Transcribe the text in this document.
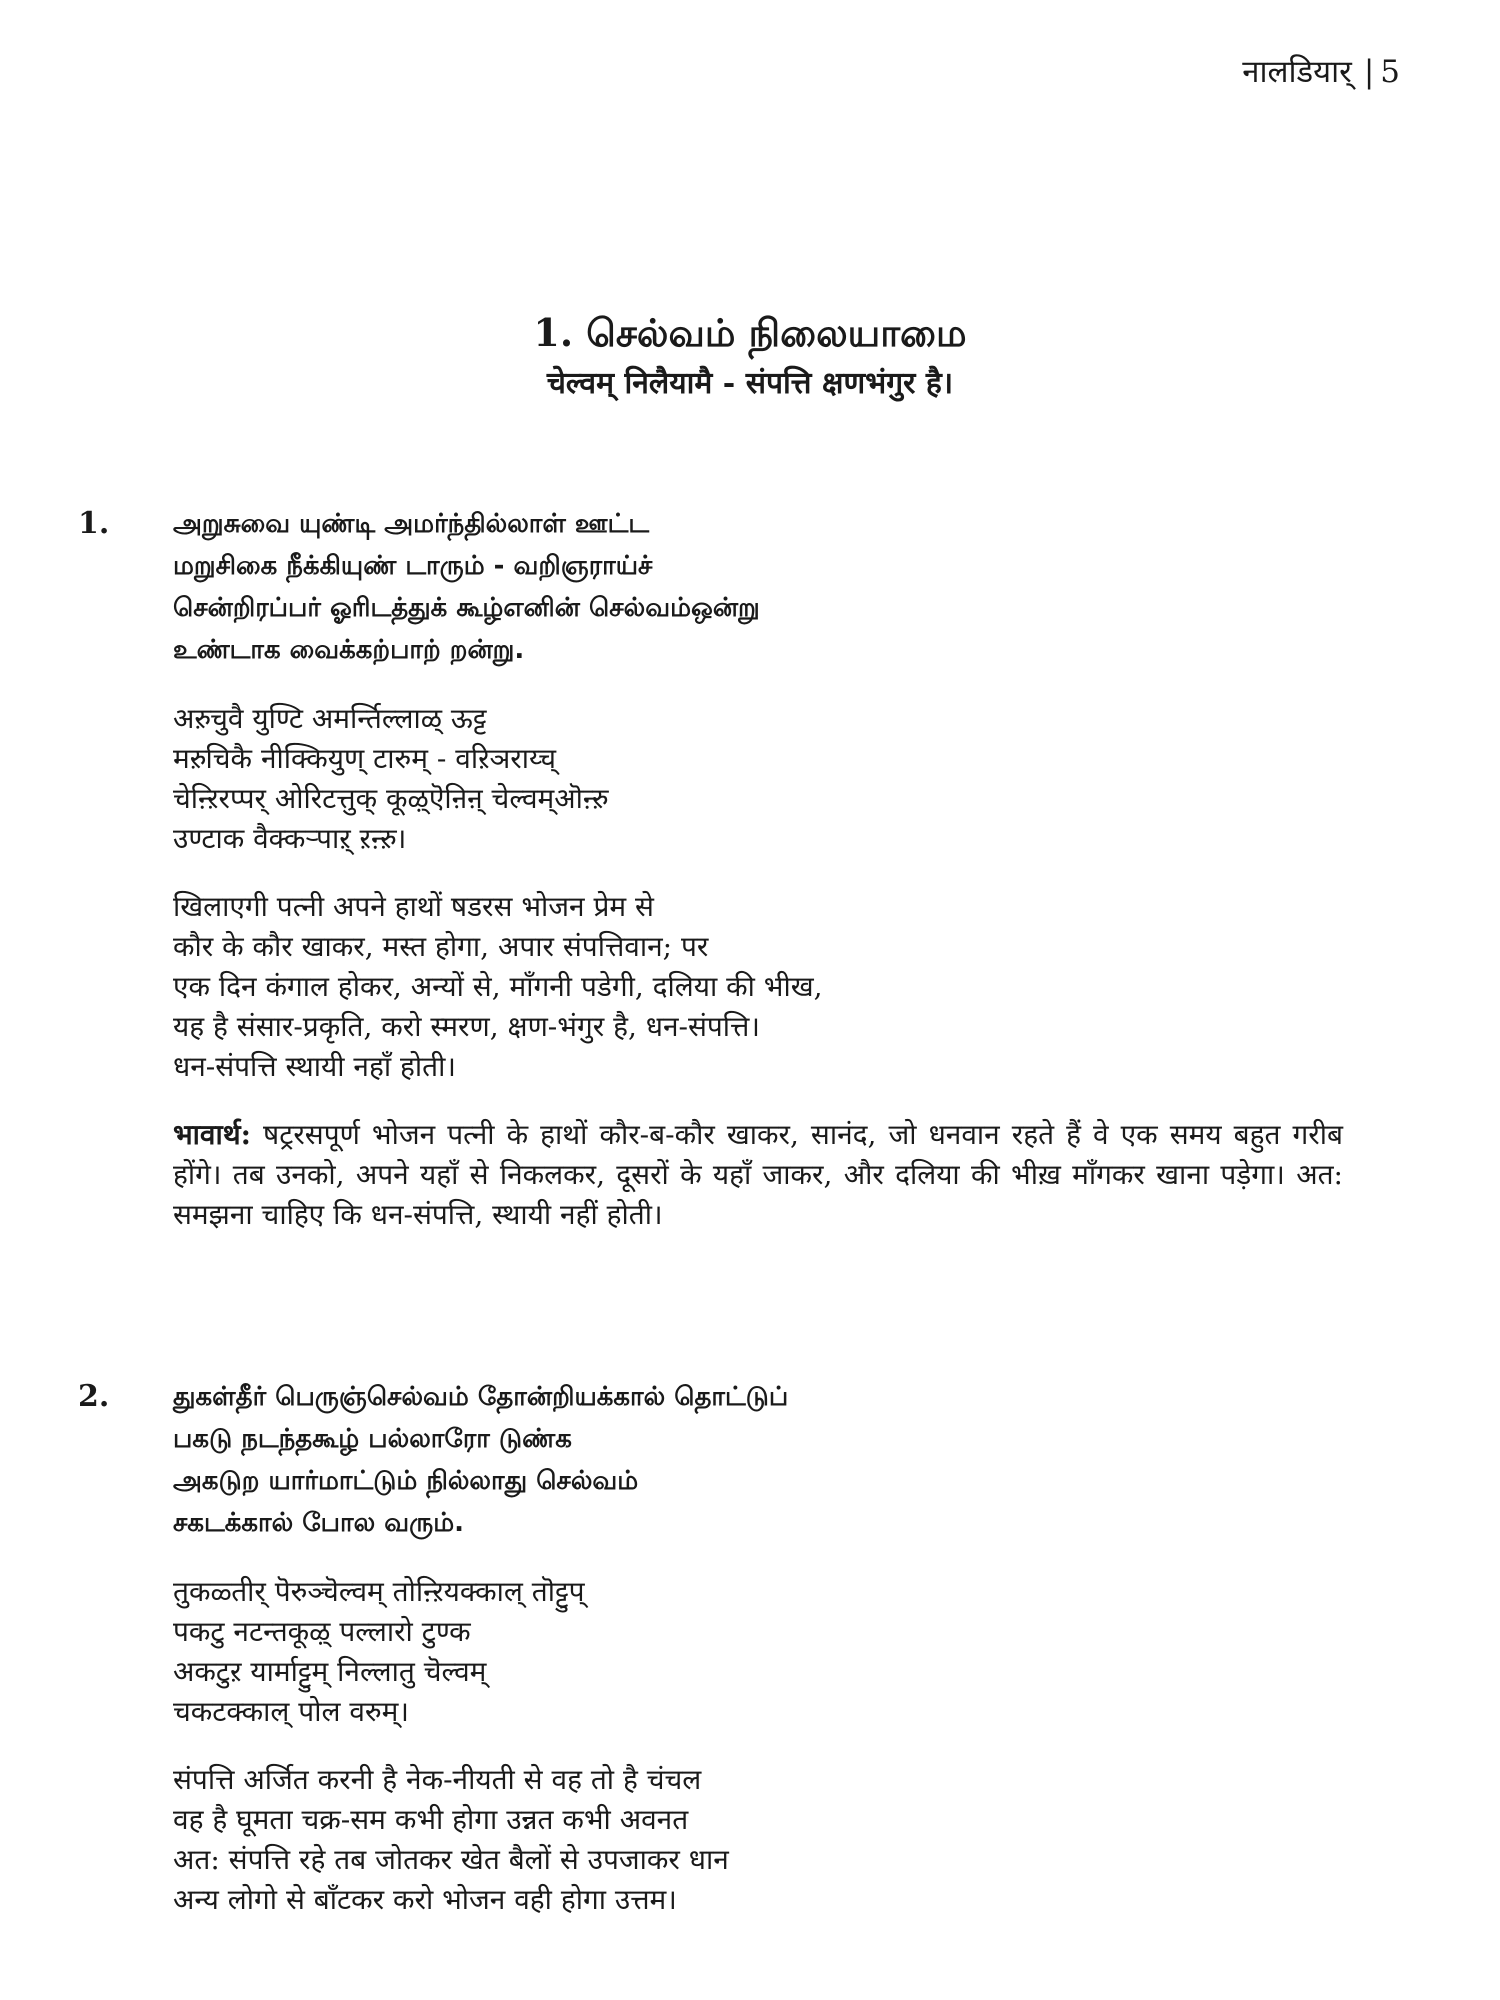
नालडियार् | 5
1. செல்வம் நிலையாமை
चेल्वम् निलैयामै - संपत्ति क्षणभंगुर है।
1. அறுசுவை யுண்டி அமர்ந்தில்லாள் ஊட்ட
மறுசிகை நீக்கியுண் டாரும் - வறிஞராய்ச்
சென்றிரப்பர் ஓரிடத்துக் கூழ்எனின் செல்வம்ஒன்று
உண்டாக வைக்கற்பாற் றன்று.
अऱुचुवै युण्टि अमर्न्तिल्लाळ् ऊट्ट
मऱुचिकै नीक्कियुण् टारुम् - वऱिञराय्च्
चेऩ्ऱिरप्पर् ओरिटत्तुक् कूऴ्ऎऩिऩ् चेल्वम्ऒऩ्ऱु
उण्टाक वैक्कऱ्पाऱ् ऱऩ्ऱु।
खिलाएगी पत्नी अपने हाथों षडरस भोजन प्रेम से
कौर के कौर खाकर, मस्त होगा, अपार संपत्तिवान; पर
एक दिन कंगाल होकर, अन्यों से, माँगनी पडेगी, दलिया की भीख,
यह है संसार-प्रकृति, करो स्मरण, क्षण-भंगुर है, धन-संपत्ति।
धन-संपत्ति स्थायी नहाँ होती।
भावार्थ: षट्ररसपूर्ण भोजन पत्नी के हाथों कौर-ब-कौर खाकर, सानंद, जो धनवान रहते हैं वे एक समय बहुत गरीब होंगे। तब उनको, अपने यहाँ से निकलकर, दूसरों के यहाँ जाकर, और दलिया की भीख़ माँगकर खाना पड़ेगा। अत: समझना चाहिए कि धन-संपत्ति, स्थायी नहीं होती।
2. துகள்தீர் பெருஞ்செல்வம் தோன்றியக்கால் தொட்டுப்
பகடு நடந்தகூழ் பல்லாரோ டுண்க
அகடுற யார்மாட்டும் நில்லாது செல்வம்
சகடக்கால் போல வரும்.
तुकळ्तीर् पॆरुञ्चॆल्वम् तोऩ्ऱियक्काल् तॊट्टुप्
पकटु नटन्तकूऴ् पल्लारो टुण्क
अकटुऱ यार्माट्टुम् निल्लातु चॆल्वम्
चकटक्काल् पोल वरुम्।
संपत्ति अर्जित करनी है नेक-नीयती से वह तो है चंचल
वह है घूमता चक्र-सम कभी होगा उन्नत कभी अवनत
अत: संपत्ति रहे तब जोतकर खेत बैलों से उपजाकर धान
अन्य लोगो से बाँटकर करो भोजन वही होगा उत्तम।
